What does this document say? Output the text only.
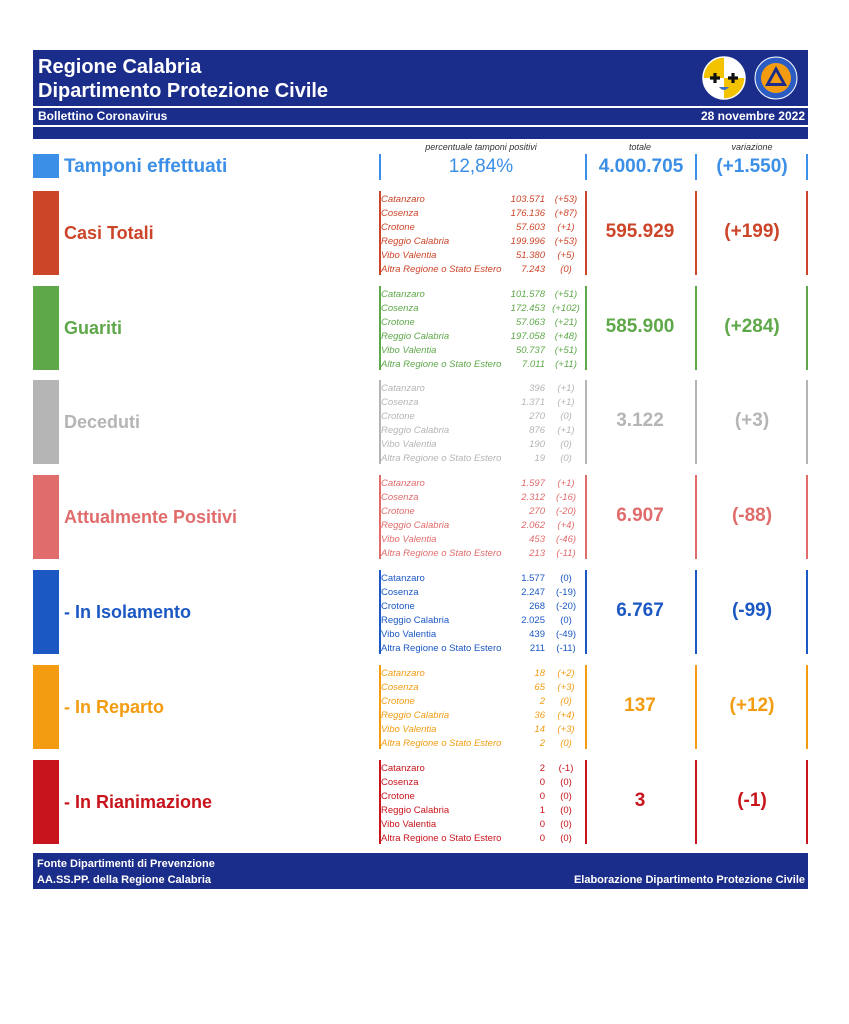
Regione Calabria
Dipartimento Protezione Civile
Bollettino Coronavirus	28 novembre 2022
percentuale tamponi positivi	totale	variazione
Tamponi effettuati	12,84%	4.000.705	(+1.550)
Casi Totali
Catanzaro	103.571	(+53)
Cosenza	176.136	(+87)
Crotone	57.603	(+1)
Reggio Calabria	199.996	(+53)
Vibo Valentia	51.380	(+5)
Altra Regione o Stato Estero	7.243	(0)
595.929	(+199)
Guariti
Catanzaro	101.578	(+51)
Cosenza	172.453 (+102)
Crotone	57.063	(+21)
Reggio Calabria	197.058	(+48)
Vibo Valentia	50.737	(+51)
Altra Regione o Stato Estero	7.011	(+11)
585.900	(+284)
Deceduti
Catanzaro	396	(+1)
Cosenza	1.371	(+1)
Crotone	270	(0)
Reggio Calabria	876	(+1)
Vibo Valentia	190	(0)
Altra Regione o Stato Estero	19	(0)
3.122	(+3)
Attualmente Positivi
Catanzaro	1.597	(+1)
Cosenza	2.312	(-16)
Crotone	270	(-20)
Reggio Calabria	2.062	(+4)
Vibo Valentia	453	(-46)
Altra Regione o Stato Estero	213	(-11)
6.907	(-88)
- In Isolamento
Catanzaro	1.577	(0)
Cosenza	2.247	(-19)
Crotone	268	(-20)
Reggio Calabria	2.025	(0)
Vibo Valentia	439	(-49)
Altra Regione o Stato Estero	211	(-11)
6.767	(-99)
- In Reparto
Catanzaro	18	(+2)
Cosenza	65	(+3)
Crotone	2	(0)
Reggio Calabria	36	(+4)
Vibo Valentia	14	(+3)
Altra Regione o Stato Estero	2	(0)
137	(+12)
- In Rianimazione
Catanzaro	2	(-1)
Cosenza	0	(0)
Crotone	0	(0)
Reggio Calabria	1	(0)
Vibo Valentia	0	(0)
Altra Regione o Stato Estero	0	(0)
3	(-1)
Fonte Dipartimenti di Prevenzione
AA.SS.PP. della Regione Calabria	Elaborazione Dipartimento Protezione Civile
